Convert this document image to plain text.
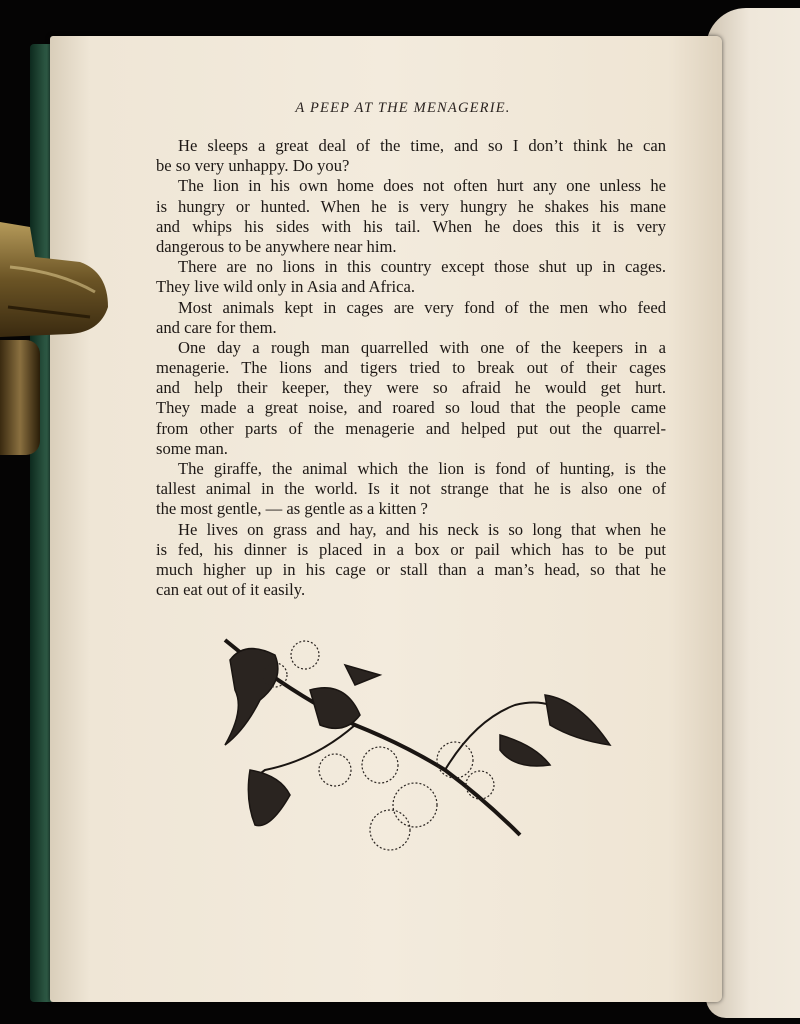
A PEEP AT THE MENAGERIE.
He sleeps a great deal of the time, and so I don’t think he can
be so very unhappy. Do you?
The lion in his own home does not often hurt any one unless he
is hungry or hunted. When he is very hungry he shakes his mane
and whips his sides with his tail. When he does this it is very
dangerous to be anywhere near him.
There are no lions in this country except those shut up in cages.
They live wild only in Asia and Africa.
Most animals kept in cages are very fond of the men who feed
and care for them.
One day a rough man quarrelled with one of the keepers in a
menagerie. The lions and tigers tried to break out of their cages
and help their keeper, they were so afraid he would get hurt.
They made a great noise, and roared so loud that the people came
from other parts of the menagerie and helped put out the quarrel-
some man.
The giraffe, the animal which the lion is fond of hunting, is the
tallest animal in the world. Is it not strange that he is also one of
the most gentle, — as gentle as a kitten ?
He lives on grass and hay, and his neck is so long that when he
is fed, his dinner is placed in a box or pail which has to be put
much higher up in his cage or stall than a man’s head, so that he
can eat out of it easily.
